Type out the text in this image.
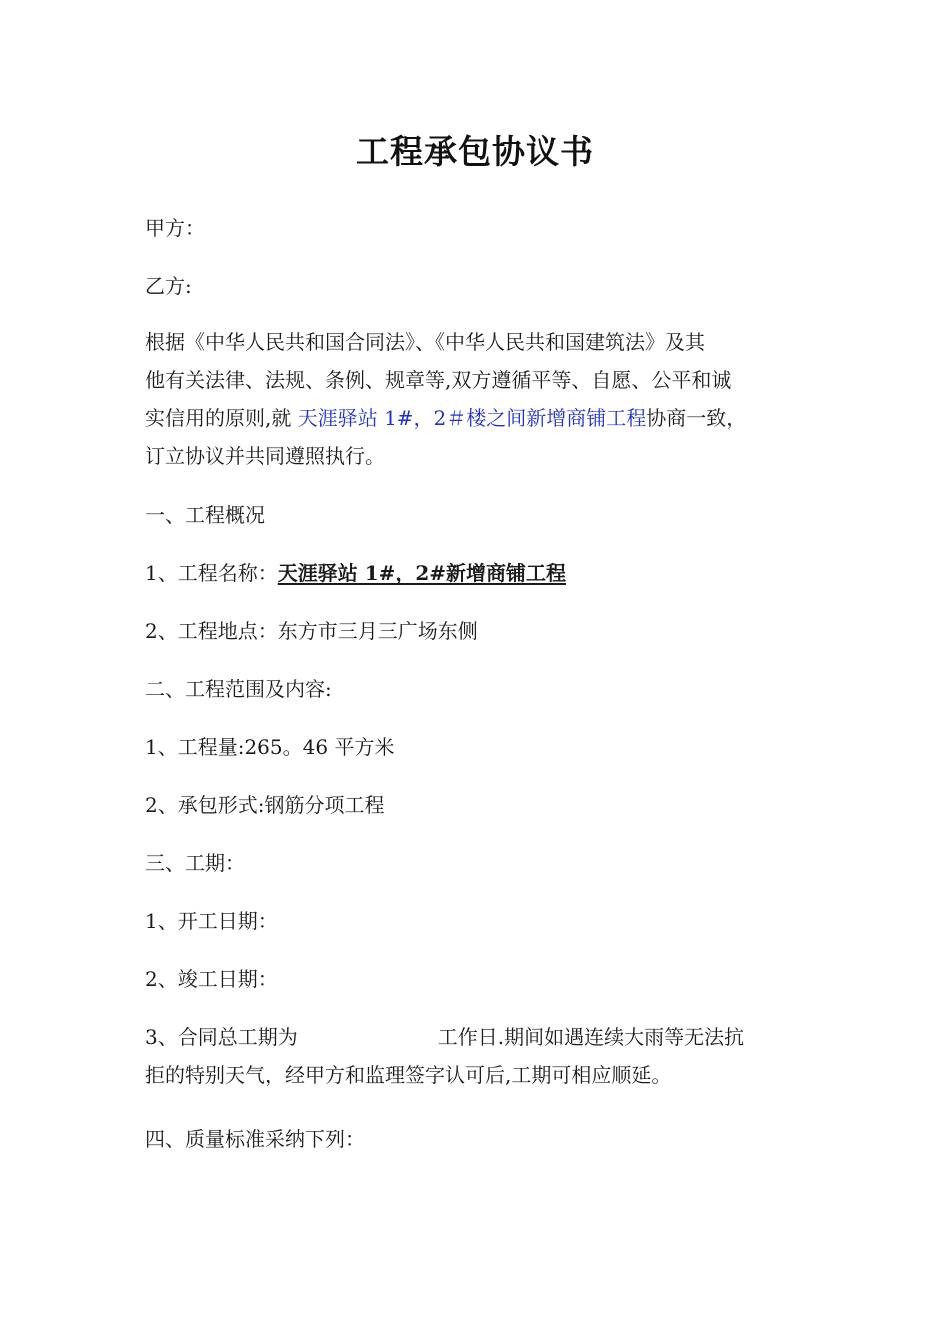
工程承包协议书
甲方：
乙方:
根据《中华人民共和国合同法》、《中华人民共和国建筑法》及其
他有关法律、法规、条例、规章等,双方遵循平等、自愿、公平和诚
实信用的原则,就 天涯驿站 1#，2＃楼之间新增商铺工程协商一致，
订立协议并共同遵照执行。
一、工程概况
1、工程名称：天涯驿站 1#，2#新增商铺工程
2、工程地点：东方市三月三广场东侧
二、工程范围及内容:
1、工程量:265。46 平方米
2、承包形式:钢筋分项工程
三、工期：
1、开工日期：
2、竣工日期：
3、合同总工期为	工作日.期间如遇连续大雨等无法抗
拒的特别天气，经甲方和监理签字认可后,工期可相应顺延。
四、质量标准采纳下列：
